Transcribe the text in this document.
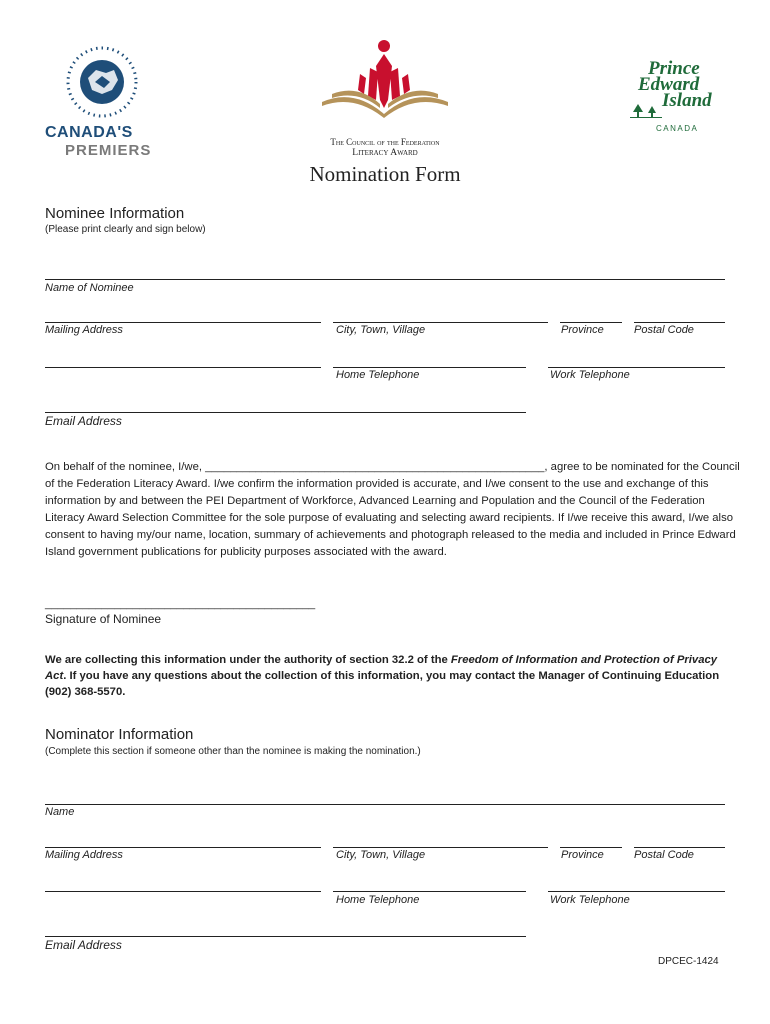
CANADA'S
PREMIERS	The Council of the Federation
Literacy Award
Nomination Form
Prince
Edward
Island
CANADA
Nominee Information
(Please print clearly and sign below)
Name of Nominee
Mailing Address	City, Town, Village	Province	Postal Code
Home Telephone	Work Telephone
Email Address
On behalf of the nominee, I/we, ______________________________________________________, agree to be nominated for the Council of the Federation Literacy Award. I/we confirm the information provided is accurate, and I/we consent to the use and exchange of this information by and between the PEI Department of Workforce, Advanced Learning and Population and the Council of the Federation Literacy Award Selection Committee for the sole purpose of evaluating and selecting award recipients. If I/we receive this award, I/we also consent to having my/our name, location, summary of achievements and photograph released to the media and included in Prince Edward Island government publications for publicity purposes associated with the award.
___________________________________________
Signature of Nominee
We are collecting this information under the authority of section 32.2 of the Freedom of Information and Protection of Privacy Act. If you have any questions about the collection of this information, you may contact the Manager of Continuing Education (902) 368-5570.
Nominator Information
(Complete this section if someone other than the nominee is making the nomination.)
Name
Mailing Address	City, Town, Village	Province	Postal Code
Home Telephone	Work Telephone
Email Address
DPCEC-1424
